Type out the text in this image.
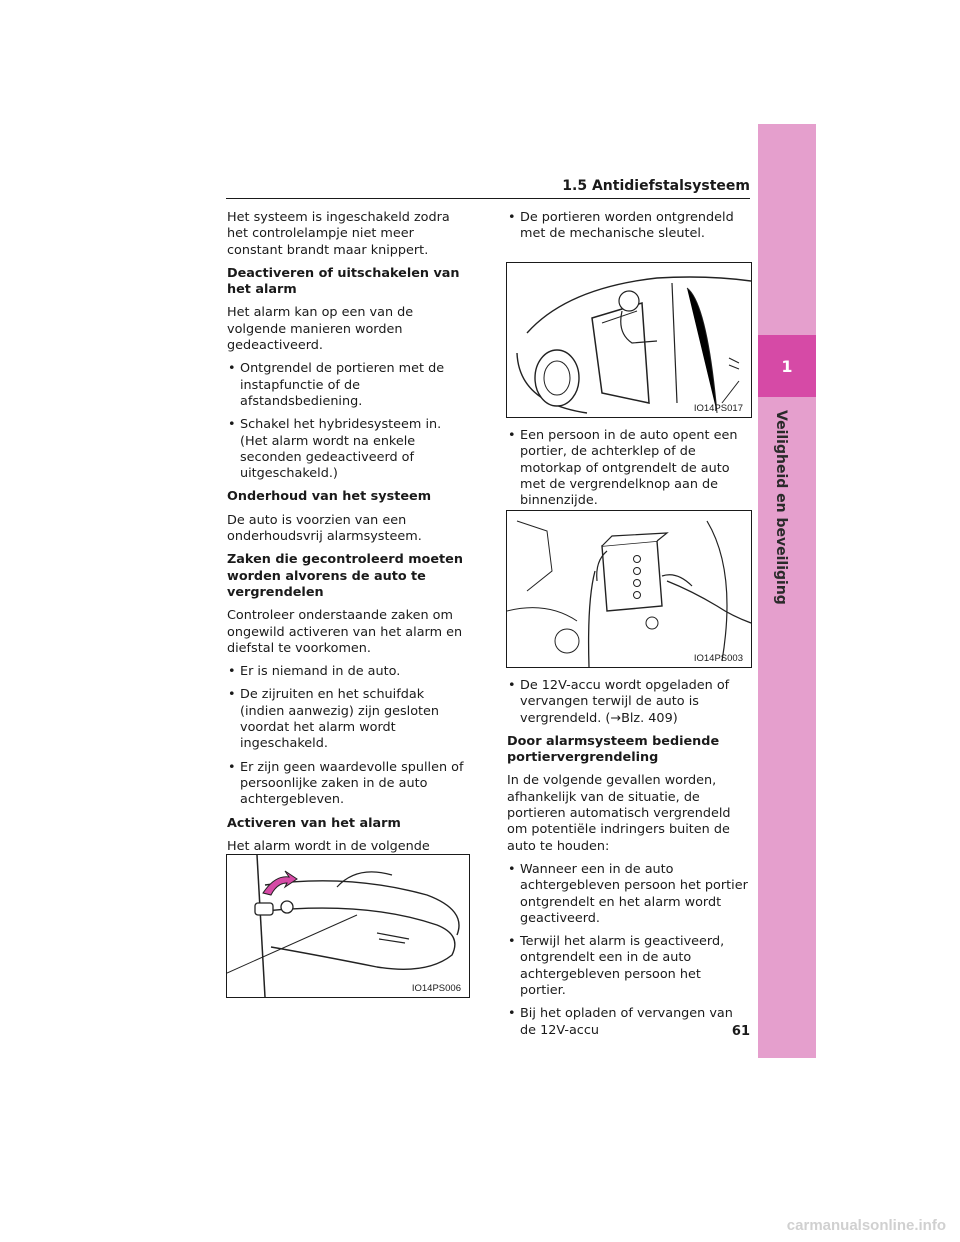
1
Veiligheid en beveiliging
1.5 Antidiefstalsysteem

Het systeem is ingeschakeld zodra het controlelampje niet meer constant brandt maar knippert.

Deactiveren of uitschakelen van het alarm

Het alarm kan op een van de volgende manieren worden gedeactiveerd.

• Ontgrendel de portieren met de instapfunctie of de afstandsbediening.
• Schakel het hybridesysteem in. (Het alarm wordt na enkele seconden gedeactiveerd of uitgeschakeld.)
Onderhoud van het systeem

De auto is voorzien van een onderhoudsvrij alarmsysteem.

Zaken die gecontroleerd moeten worden alvorens de auto te vergrendelen

Controleer onderstaande zaken om ongewild activeren van het alarm en diefstal te voorkomen.

• Er is niemand in de auto.
• De zijruiten en het schuifdak (indien aanwezig) zijn gesloten voordat het alarm wordt ingeschakeld.
• Er zijn geen waardevolle spullen of persoonlijke zaken in de auto achtergebleven.
Activeren van het alarm

Het alarm wordt in de volgende

IO14PS006
• De portieren worden ontgrendeld met de mechanische sleutel.
IO14PS017
• Een persoon in de auto opent een portier, de achterklep of de motorkap of ontgrendelt de auto met de vergrendelknop aan de binnenzijde.
IO14PS003
• De 12V-accu wordt opgeladen of vervangen terwijl de auto is vergrendeld. (→Blz. 409)
Door alarmsysteem bediende portiervergrendeling

In de volgende gevallen worden, afhankelijk van de situatie, de portieren automatisch vergrendeld om potentiële indringers buiten de auto te houden:

• Wanneer een in de auto achtergebleven persoon het portier ontgrendelt en het alarm wordt geactiveerd.
• Terwijl het alarm is geactiveerd, ontgrendelt een in de auto achtergebleven persoon het portier.
• Bij het opladen of vervangen van de 12V-accu	61
carmanualsonline.info
